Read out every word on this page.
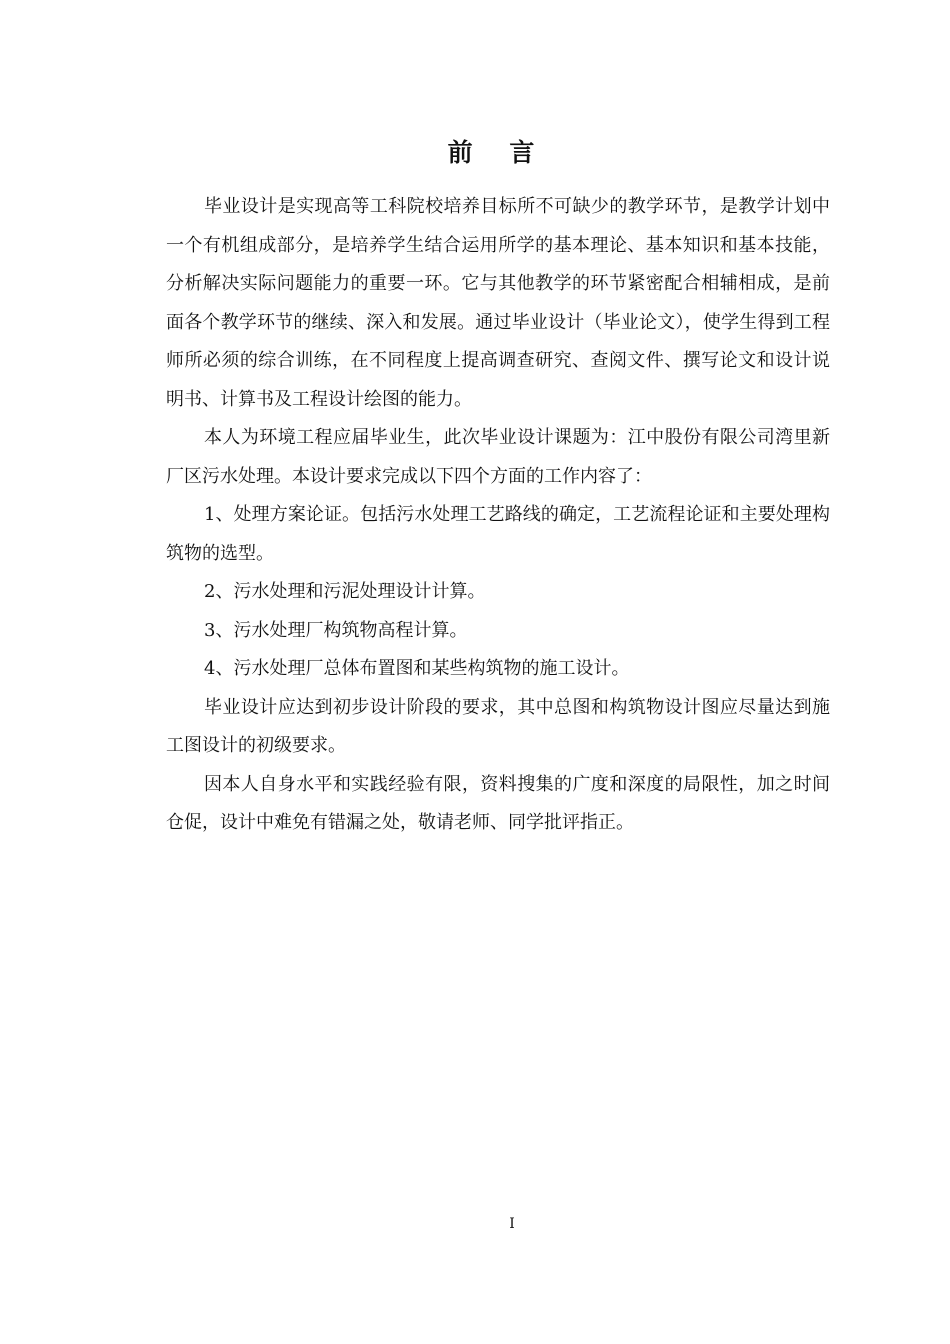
前 言

毕业设计是实现高等工科院校培养目标所不可缺少的教学环节，是教学计划中一个有机组成部分，是培养学生结合运用所学的基本理论、基本知识和基本技能，分析解决实际问题能力的重要一环。它与其他教学的环节紧密配合相辅相成，是前面各个教学环节的继续、深入和发展。通过毕业设计（毕业论文），使学生得到工程师所必须的综合训练，在不同程度上提高调查研究、查阅文件、撰写论文和设计说明书、计算书及工程设计绘图的能力。

本人为环境工程应届毕业生，此次毕业设计课题为：江中股份有限公司湾里新厂区污水处理。本设计要求完成以下四个方面的工作内容了：

1、处理方案论证。包括污水处理工艺路线的确定，工艺流程论证和主要处理构筑物的选型。

2、污水处理和污泥处理设计计算。

3、污水处理厂构筑物高程计算。

4、污水处理厂总体布置图和某些构筑物的施工设计。

毕业设计应达到初步设计阶段的要求，其中总图和构筑物设计图应尽量达到施工图设计的初级要求。

因本人自身水平和实践经验有限，资料搜集的广度和深度的局限性，加之时间仓促，设计中难免有错漏之处，敬请老师、同学批评指正。

I
